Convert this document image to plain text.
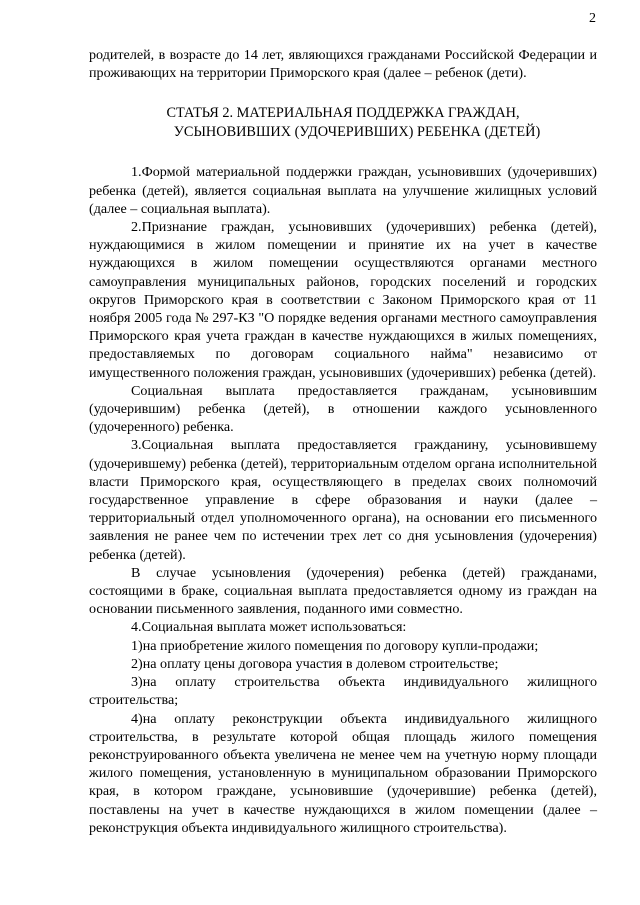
2

родителей, в возрасте до 14 лет, являющихся гражданами Российской Федерации и проживающих на территории Приморского края (далее – ребенок (дети).

СТАТЬЯ 2. МАТЕРИАЛЬНАЯ ПОДДЕРЖКА ГРАЖДАН,
УСЫНОВИВШИХ (УДОЧЕРИВШИХ) РЕБЕНКА (ДЕТЕЙ)

1.Формой материальной поддержки граждан, усыновивших (удочеривших) ребенка (детей), является социальная выплата на улучшение жилищных условий (далее – социальная выплата).

2.Признание граждан, усыновивших (удочеривших) ребенка (детей), нуждающимися в жилом помещении и принятие их на учет в качестве нуждающихся в жилом помещении осуществляются органами местного самоуправления муниципальных районов, городских поселений и городских округов Приморского края в соответствии с Законом Приморского края от 11 ноября 2005 года № 297-КЗ "О порядке ведения органами местного самоуправления Приморского края учета граждан в качестве нуждающихся в жилых помещениях, предоставляемых по договорам социального найма" независимо от имущественного положения граждан, усыновивших (удочеривших) ребенка (детей).

Социальная выплата предоставляется гражданам, усыновившим (удочерившим) ребенка (детей), в отношении каждого усыновленного (удочеренного) ребенка.

3.Социальная выплата предоставляется гражданину, усыновившему (удочерившему) ребенка (детей), территориальным отделом органа исполнительной власти Приморского края, осуществляющего в пределах своих полномочий государственное управление в сфере образования и науки (далее – территориальный отдел уполномоченного органа), на основании его письменного заявления не ранее чем по истечении трех лет со дня усыновления (удочерения) ребенка (детей).

В случае усыновления (удочерения) ребенка (детей) гражданами, состоящими в браке, социальная выплата предоставляется одному из граждан на основании письменного заявления, поданного ими совместно.

4.Социальная выплата может использоваться:

1)на приобретение жилого помещения по договору купли-продажи;

2)на оплату цены договора участия в долевом строительстве;

3)на оплату строительства объекта индивидуального жилищного строительства;

4)на оплату реконструкции объекта индивидуального жилищного строительства, в результате которой общая площадь жилого помещения реконструированного объекта увеличена не менее чем на учетную норму площади жилого помещения, установленную в муниципальном образовании Приморского края, в котором граждане, усыновившие (удочерившие) ребенка (детей), поставлены на учет в качестве нуждающихся в жилом помещении (далее – реконструкция объекта индивидуального жилищного строительства).
